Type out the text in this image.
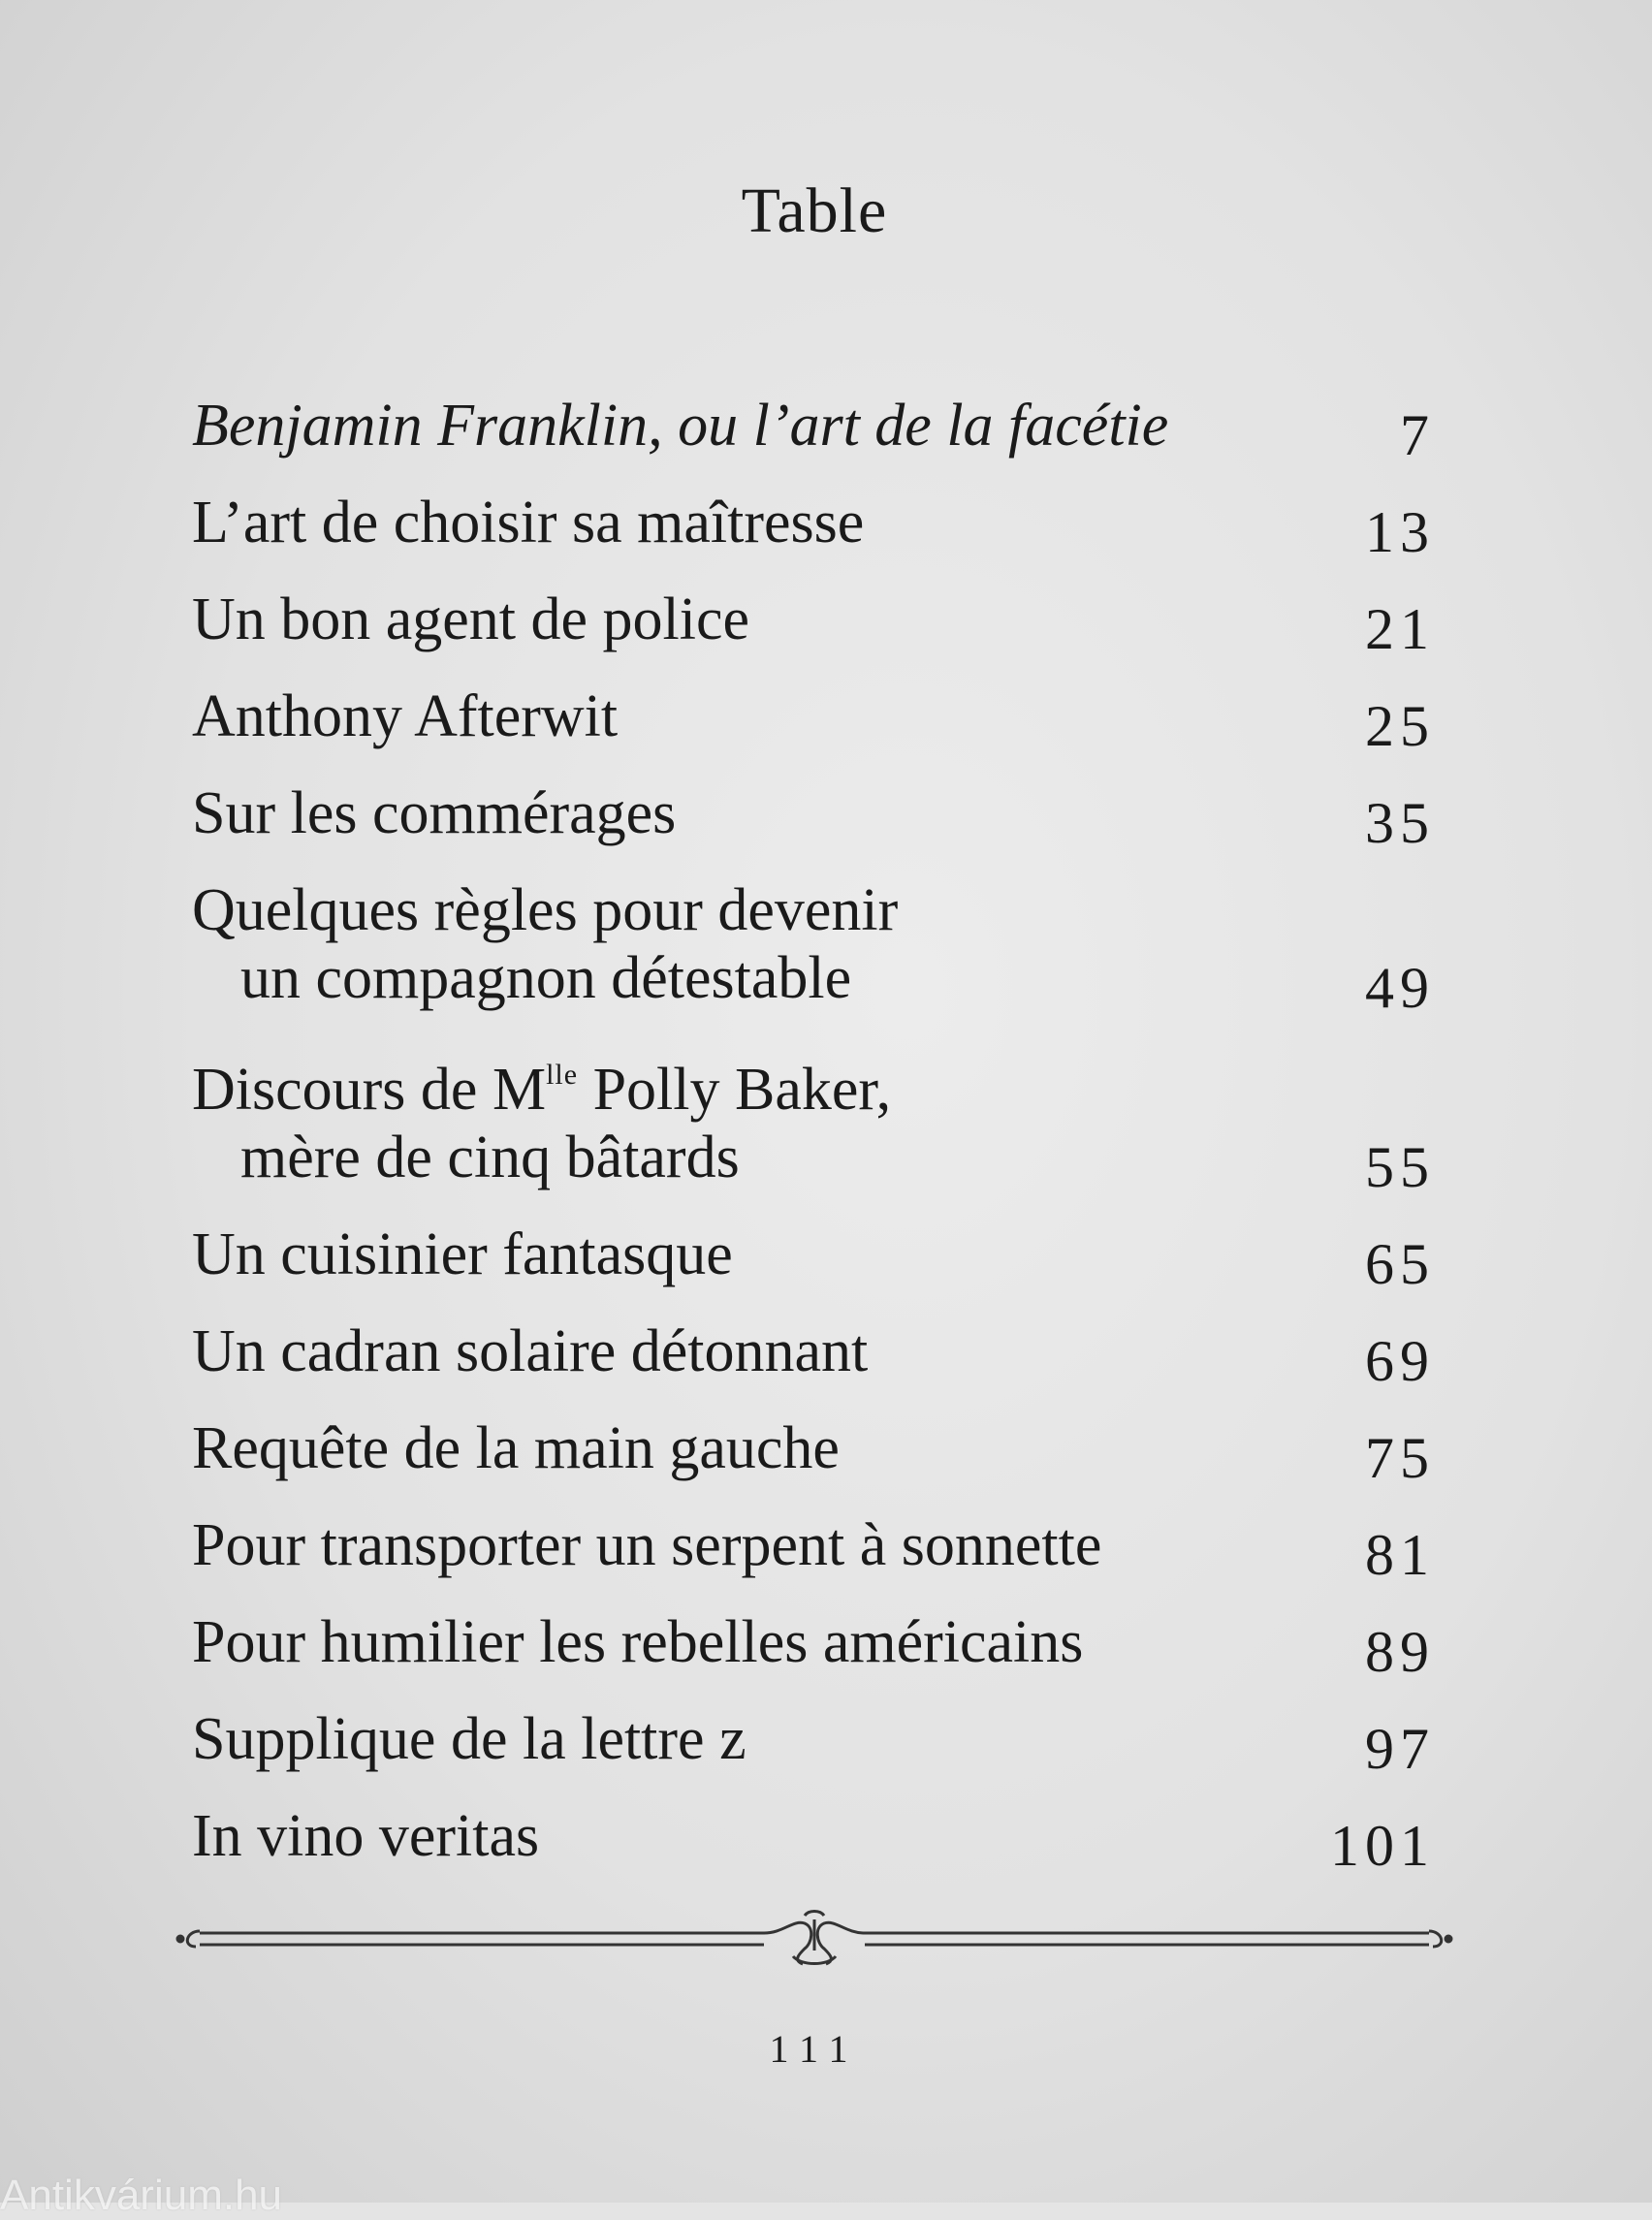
Table
Benjamin Franklin, ou l’art de la facétie	7
L’art de choisir sa maîtresse	13
Un bon agent de police	21
Anthony Afterwit	25
Sur les commérages	35
Quelques règles pour devenir
un compagnon détestable	49
Discours de $M^{lle}$ Polly Baker,
mère de cinq bâtards	55
Un cuisinier fantasque	65
Un cadran solaire détonnant	69
Requête de la main gauche	75
Pour transporter un serpent à sonnette	81
Pour humilier les rebelles américains	89
Supplique de la lettre z	97
In vino veritas	101
111
Antikvárium.hu
